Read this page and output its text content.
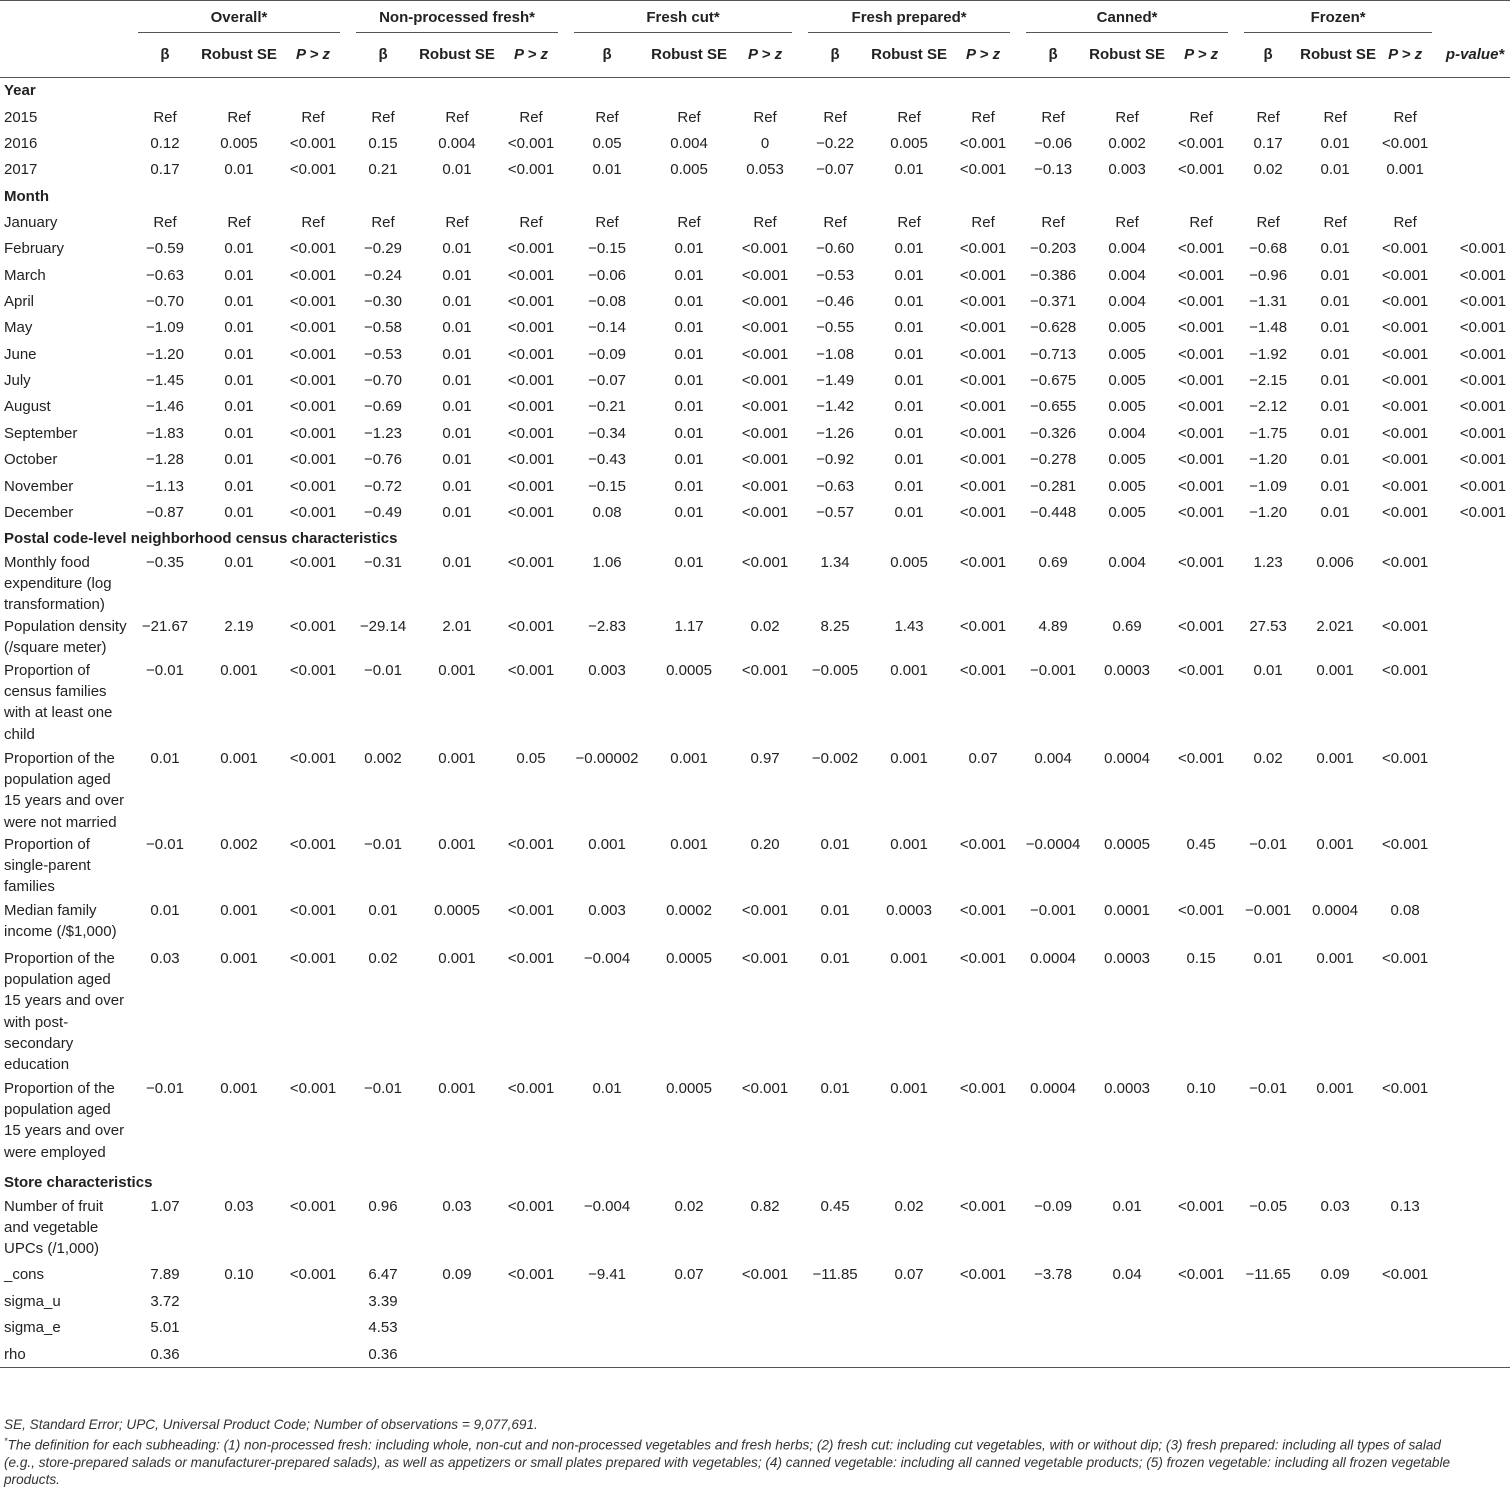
	Overall*			Non-processed fresh*			Fresh cut*			Fresh prepared*			Canned*			Frozen*			

	β	Robust SE	P > z	β	Robust SE	P > z	β	Robust SE	P > z	β	Robust SE	P > z	β	Robust SE	P > z	β	Robust SE	P > z	p-value*
Year																			
2015	Ref	Ref	Ref	Ref	Ref	Ref	Ref	Ref	Ref	Ref	Ref	Ref	Ref	Ref	Ref	Ref	Ref	Ref	
2016	0.12	0.005	<0.001	0.15	0.004	<0.001	0.05	0.004	0	−0.22	0.005	<0.001	−0.06	0.002	<0.001	0.17	0.01	<0.001	
2017	0.17	0.01	<0.001	0.21	0.01	<0.001	0.01	0.005	0.053	−0.07	0.01	<0.001	−0.13	0.003	<0.001	0.02	0.01	0.001	
Month																			
January	Ref	Ref	Ref	Ref	Ref	Ref	Ref	Ref	Ref	Ref	Ref	Ref	Ref	Ref	Ref	Ref	Ref	Ref	
February	−0.59	0.01	<0.001	−0.29	0.01	<0.001	−0.15	0.01	<0.001	−0.60	0.01	<0.001	−0.203	0.004	<0.001	−0.68	0.01	<0.001	<0.001
March	−0.63	0.01	<0.001	−0.24	0.01	<0.001	−0.06	0.01	<0.001	−0.53	0.01	<0.001	−0.386	0.004	<0.001	−0.96	0.01	<0.001	<0.001
April	−0.70	0.01	<0.001	−0.30	0.01	<0.001	−0.08	0.01	<0.001	−0.46	0.01	<0.001	−0.371	0.004	<0.001	−1.31	0.01	<0.001	<0.001
May	−1.09	0.01	<0.001	−0.58	0.01	<0.001	−0.14	0.01	<0.001	−0.55	0.01	<0.001	−0.628	0.005	<0.001	−1.48	0.01	<0.001	<0.001
June	−1.20	0.01	<0.001	−0.53	0.01	<0.001	−0.09	0.01	<0.001	−1.08	0.01	<0.001	−0.713	0.005	<0.001	−1.92	0.01	<0.001	<0.001
July	−1.45	0.01	<0.001	−0.70	0.01	<0.001	−0.07	0.01	<0.001	−1.49	0.01	<0.001	−0.675	0.005	<0.001	−2.15	0.01	<0.001	<0.001
August	−1.46	0.01	<0.001	−0.69	0.01	<0.001	−0.21	0.01	<0.001	−1.42	0.01	<0.001	−0.655	0.005	<0.001	−2.12	0.01	<0.001	<0.001
September	−1.83	0.01	<0.001	−1.23	0.01	<0.001	−0.34	0.01	<0.001	−1.26	0.01	<0.001	−0.326	0.004	<0.001	−1.75	0.01	<0.001	<0.001
October	−1.28	0.01	<0.001	−0.76	0.01	<0.001	−0.43	0.01	<0.001	−0.92	0.01	<0.001	−0.278	0.005	<0.001	−1.20	0.01	<0.001	<0.001
November	−1.13	0.01	<0.001	−0.72	0.01	<0.001	−0.15	0.01	<0.001	−0.63	0.01	<0.001	−0.281	0.005	<0.001	−1.09	0.01	<0.001	<0.001
December	−0.87	0.01	<0.001	−0.49	0.01	<0.001	0.08	0.01	<0.001	−0.57	0.01	<0.001	−0.448	0.005	<0.001	−1.20	0.01	<0.001	<0.001
Postal code-level neighborhood census characteristics																			
Monthly food expenditure (log transformation)	−0.35	0.01	<0.001	−0.31	0.01	<0.001	1.06	0.01	<0.001	1.34	0.005	<0.001	0.69	0.004	<0.001	1.23	0.006	<0.001	
Population density (/square meter)	−21.67	2.19	<0.001	−29.14	2.01	<0.001	−2.83	1.17	0.02	8.25	1.43	<0.001	4.89	0.69	<0.001	27.53	2.021	<0.001	
Proportion of census families with at least one child	−0.01	0.001	<0.001	−0.01	0.001	<0.001	0.003	0.0005	<0.001	−0.005	0.001	<0.001	−0.001	0.0003	<0.001	0.01	0.001	<0.001	
Proportion of the population aged 15 years and over were not married	0.01	0.001	<0.001	0.002	0.001	0.05	−0.00002	0.001	0.97	−0.002	0.001	0.07	0.004	0.0004	<0.001	0.02	0.001	<0.001	
Proportion of single-parent families	−0.01	0.002	<0.001	−0.01	0.001	<0.001	0.001	0.001	0.20	0.01	0.001	<0.001	−0.0004	0.0005	0.45	−0.01	0.001	<0.001	
Median family income (/$1,000)	0.01	0.001	<0.001	0.01	0.0005	<0.001	0.003	0.0002	<0.001	0.01	0.0003	<0.001	−0.001	0.0001	<0.001	−0.001	0.0004	0.08	
Proportion of the population aged 15 years and over with post-secondary education	0.03	0.001	<0.001	0.02	0.001	<0.001	−0.004	0.0005	<0.001	0.01	0.001	<0.001	0.0004	0.0003	0.15	0.01	0.001	<0.001	
Proportion of the population aged 15 years and over were employed	−0.01	0.001	<0.001	−0.01	0.001	<0.001	0.01	0.0005	<0.001	0.01	0.001	<0.001	0.0004	0.0003	0.10	−0.01	0.001	<0.001	
Store characteristics																			
Number of fruit and vegetable UPCs (/1,000)	1.07	0.03	<0.001	0.96	0.03	<0.001	−0.004	0.02	0.82	0.45	0.02	<0.001	−0.09	0.01	<0.001	−0.05	0.03	0.13	
_cons	7.89	0.10	<0.001	6.47	0.09	<0.001	−9.41	0.07	<0.001	−11.85	0.07	<0.001	−3.78	0.04	<0.001	−11.65	0.09	<0.001	
sigma_u	3.72			3.39															
sigma_e	5.01			4.53															
rho	0.36			0.36															

SE, Standard Error; UPC, Universal Product Code; Number of observations = 9,077,691.

*The definition for each subheading: (1) non-processed fresh: including whole, non-cut and non-processed vegetables and fresh herbs; (2) fresh cut: including cut vegetables, with or without dip; (3) fresh prepared: including all types of salad (e.g., store-prepared salads or manufacturer-prepared salads), as well as appetizers or small plates prepared with vegetables; (4) canned vegetable: including all canned vegetable products; (5) frozen vegetable: including all frozen vegetable products.
